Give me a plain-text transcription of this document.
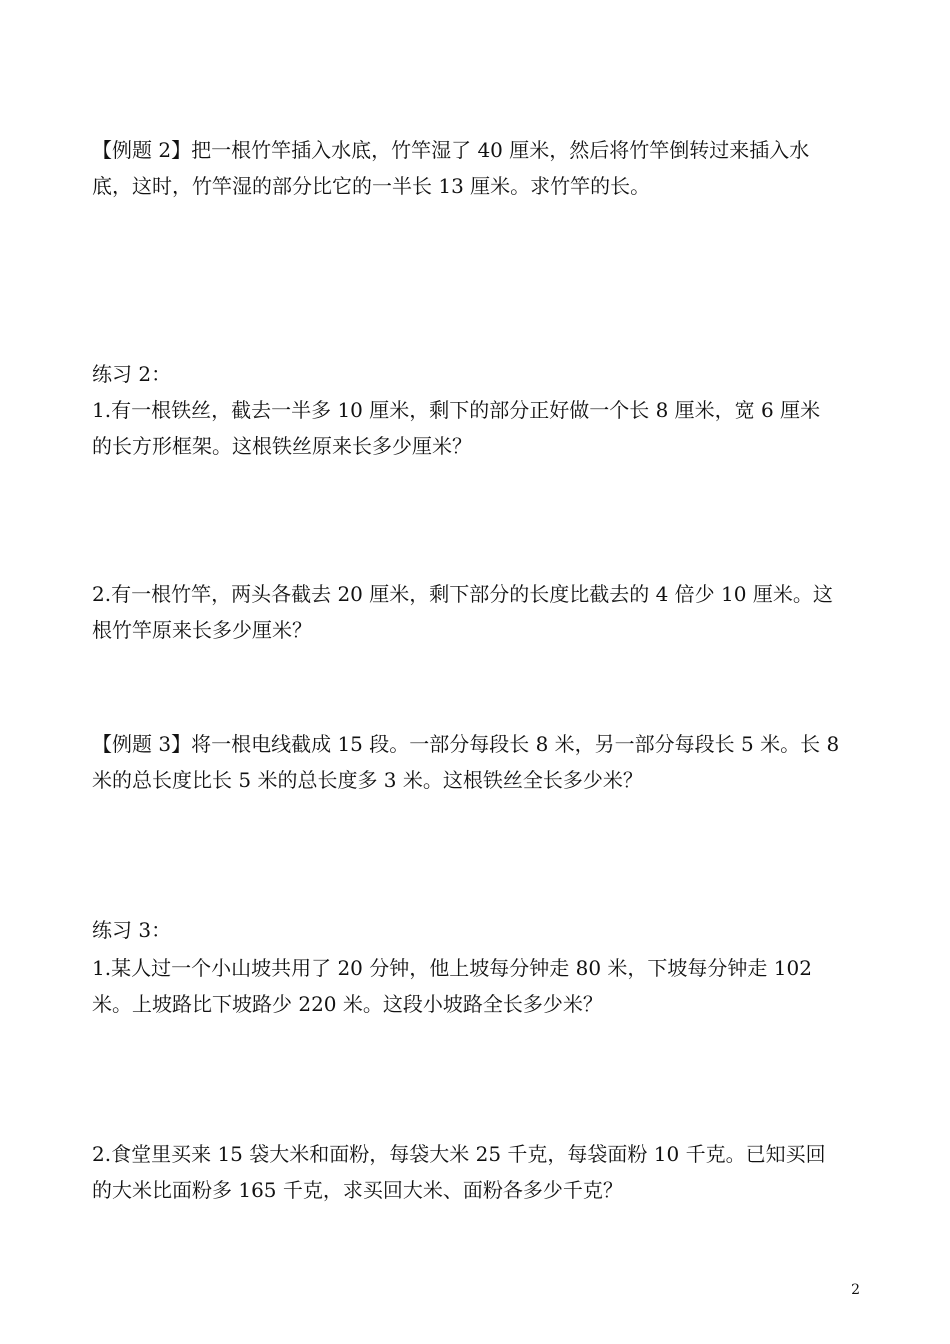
【例题 2】把一根竹竿插入水底，竹竿湿了 40 厘米，然后将竹竿倒转过来插入水
底，这时，竹竿湿的部分比它的一半长 13 厘米。求竹竿的长。
练习 2：
1.有一根铁丝，截去一半多 10 厘米，剩下的部分正好做一个长 8 厘米，宽 6 厘米
的长方形框架。这根铁丝原来长多少厘米？
2.有一根竹竿，两头各截去 20 厘米，剩下部分的长度比截去的 4 倍少 10 厘米。这
根竹竿原来长多少厘米？
【例题 3】将一根电线截成 15 段。一部分每段长 8 米，另一部分每段长 5 米。长 8
米的总长度比长 5 米的总长度多 3 米。这根铁丝全长多少米？
练习 3：
1.某人过一个小山坡共用了 20 分钟，他上坡每分钟走 80 米，下坡每分钟走 102
米。上坡路比下坡路少 220 米。这段小坡路全长多少米？
2.食堂里买来 15 袋大米和面粉，每袋大米 25 千克，每袋面粉 10 千克。已知买回
的大米比面粉多 165 千克，求买回大米、面粉各多少千克？
2
